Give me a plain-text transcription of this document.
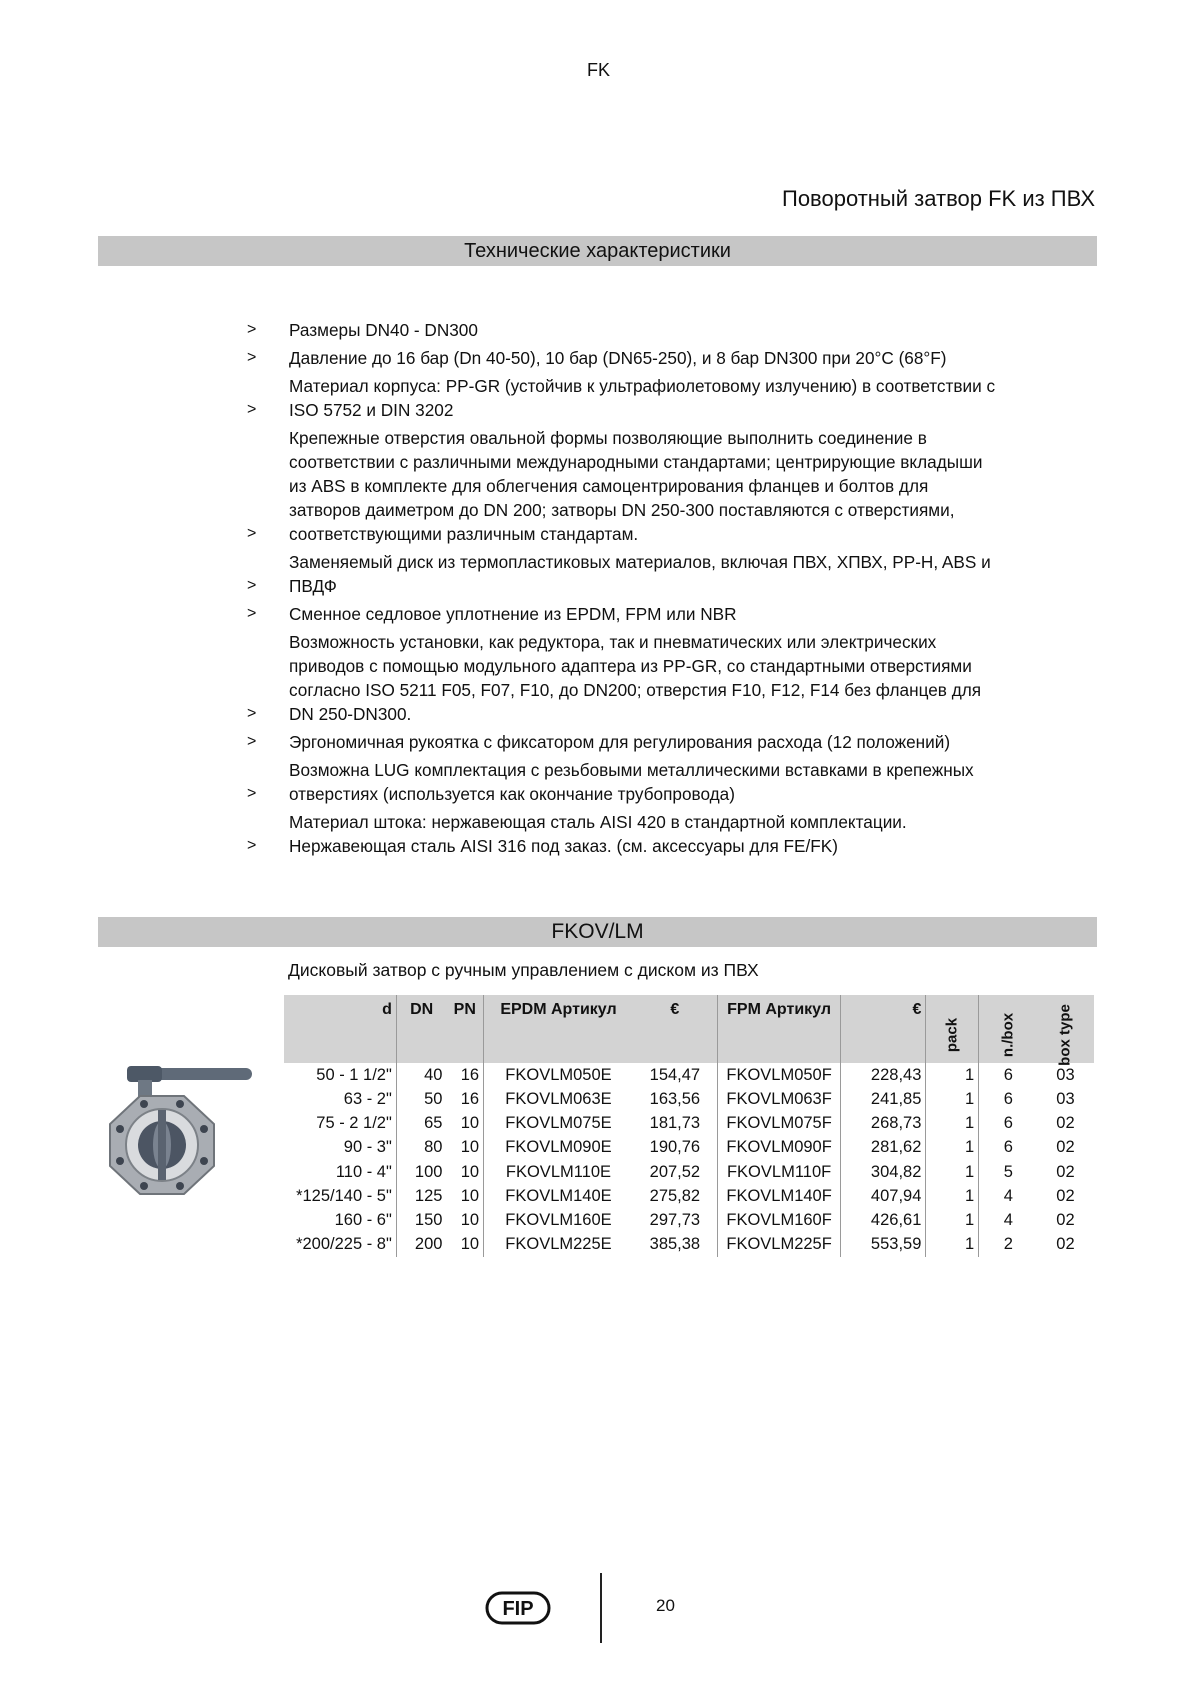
FK
Поворотный затвор FK из ПВХ
Технические характеристики
> Размеры DN40 - DN300
> Давление до 16 бар (Dn 40-50), 10 бар (DN65-250), и 8 бар DN300 при 20°C (68°F)
>
Материал корпуса: PP-GR (устойчив к ультрафиолетовому излучению) в соответствии с
ISO 5752 и DIN 3202
>
Крепежные отверстия овальной формы позволяющие выполнить соединение в
соответствии с различными международными стандартами; центрирующие вкладыши
из ABS в комплекте для облегчения самоцентрирования фланцев и болтов для
затворов даиметром до DN 200; затворы DN 250-300 поставляются с отверстиями,
соответствующими различным стандартам.
>
Заменяемый диск из термопластиковых материалов, включая ПВХ, ХПВХ, PP-H, ABS и
ПВДФ
> Сменное седловое уплотнение из EPDM, FPM или NBR
>
Возможность установки, как редуктора, так и пневматических или электрических
приводов с помощью модульного адаптера из PP-GR, со стандартными отверстиями
согласно ISO 5211 F05, F07, F10, до DN200; отверстия F10, F12, F14 без фланцев для
DN 250-DN300.
> Эргономичная рукоятка с фиксатором для регулирования расхода (12 положений)
>
Возможна LUG комплектация с резьбовыми металлическими вставками в крепежных
отверстиях (используется как окончание трубопровода)
>
Материал штока: нержавеющая сталь AISI 420 в стандартной комплектации.
Нержавеющая сталь AISI 316 под заказ. (см. аксессуары для FE/FK)
FKOV/LM
Дисковый затвор с ручным управлением с диском из ПВХ
d	DN	PN	EPDM Артикул	€	FPM Артикул	€	pack	n./box	box type

50 - 1 1/2"	40	16	FKOVLM050E	154,47	FKOVLM050F	228,43	1	6	03
63 - 2"	50	16	FKOVLM063E	163,56	FKOVLM063F	241,85	1	6	03
75 - 2 1/2"	65	10	FKOVLM075E	181,73	FKOVLM075F	268,73	1	6	02
90 - 3"	80	10	FKOVLM090E	190,76	FKOVLM090F	281,62	1	6	02
110 - 4"	100	10	FKOVLM110E	207,52	FKOVLM110F	304,82	1	5	02
*125/140 - 5"	125	10	FKOVLM140E	275,82	FKOVLM140F	407,94	1	4	02
160 - 6"	150	10	FKOVLM160E	297,73	FKOVLM160F	426,61	1	4	02
*200/225 - 8"	200	10	FKOVLM225E	385,38	FKOVLM225F	553,59	1	2	02
FIP	20
